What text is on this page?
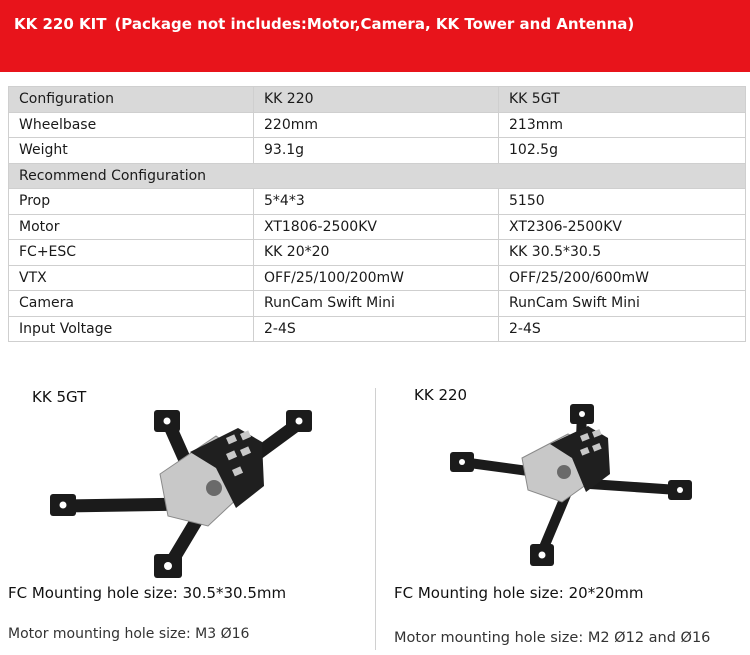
KK 220 KIT (Package not includes:Motor,Camera, KK Tower and Antenna)
Configuration	KK 220	KK 5GT
Wheelbase	220mm	213mm
Weight	93.1g	102.5g
Recommend Configuration		
Prop	5*4*3	5150
Motor	XT1806-2500KV	XT2306-2500KV
FC+ESC	KK 20*20	KK 30.5*30.5
VTX	OFF/25/100/200mW	OFF/25/200/600mW
Camera	RunCam Swift Mini	RunCam Swift Mini
Input Voltage	2-4S	2-4S
KK 5GT
FC Mounting hole size: 30.5*30.5mm
Motor mounting hole size: M3 Ø16
KK 220
FC Mounting hole size: 20*20mm
Motor mounting hole size: M2 Ø12 and Ø16
